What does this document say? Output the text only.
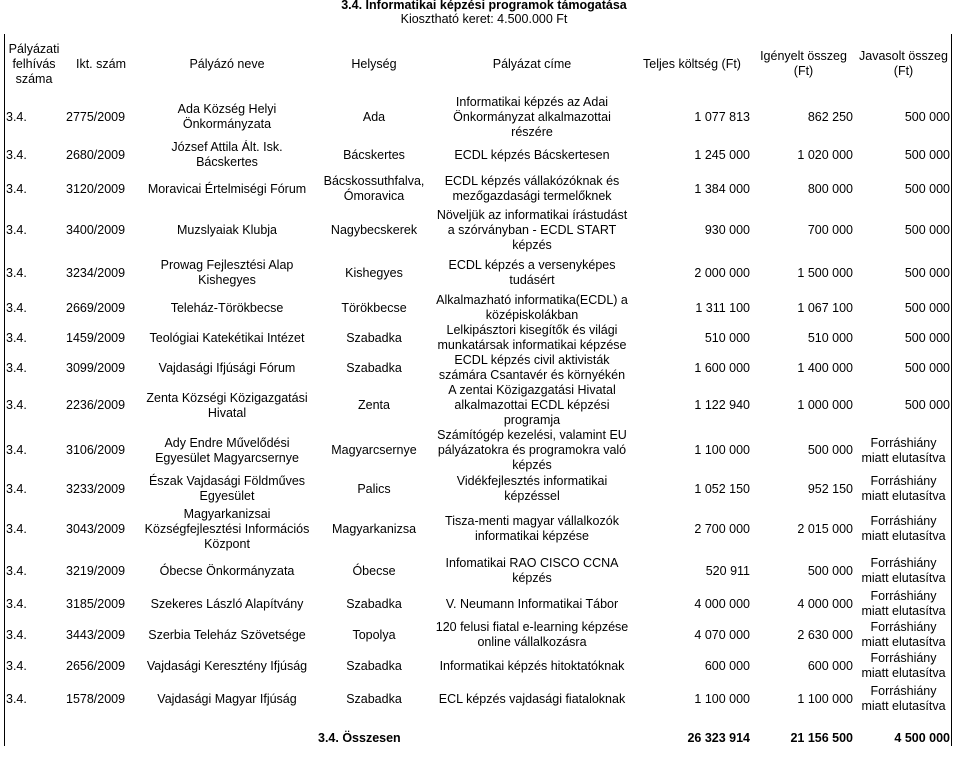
3.4. Informatikai képzési programok támogatása
Kiosztható keret: 4.500.000 Ft
Pályázati felhívás száma	Ikt. szám	Pályázó neve	Helység	Pályázat címe	Teljes költség (Ft)	Igényelt összeg (Ft)	Javasolt összeg (Ft)
3.4.	2775/2009	Ada Község Helyi Önkormányzata	Ada	Informatikai képzés az Adai Önkormányzat alkalmazottai részére	1 077 813	862 250	500 000
3.4.	2680/2009	József Attila Ált. Isk. Bácskertes	Bácskertes	ECDL képzés Bácskertesen	1 245 000	1 020 000	500 000
3.4.	3120/2009	Moravicai Értelmiségi Fórum	Bácskossuthfalva, Ómoravica	ECDL képzés vállakózóknak és mezőgazdasági termelőknek	1 384 000	800 000	500 000
3.4.	3400/2009	Muzslyaiak Klubja	Nagybecskerek	Növeljük az informatikai írástudást a szórványban - ECDL START képzés	930 000	700 000	500 000
3.4.	3234/2009	Prowag Fejlesztési Alap Kishegyes	Kishegyes	ECDL képzés a versenyképes tudásért	2 000 000	1 500 000	500 000
3.4.	2669/2009	Teleház-Törökbecse	Törökbecse	Alkalmazható informatika(ECDL) a középiskolákban	1 311 100	1 067 100	500 000
3.4.	1459/2009	Teológiai Katekétikai Intézet	Szabadka	Lelkipásztori kisegítők és világi munkatársak informatikai képzése	510 000	510 000	500 000
3.4.	3099/2009	Vajdasági Ifjúsági Fórum	Szabadka	ECDL képzés civil aktivisták számára Csantavér és környékén	1 600 000	1 400 000	500 000
3.4.	2236/2009	Zenta Községi Közigazgatási Hivatal	Zenta	A zentai Közigazgatási Hivatal alkalmazottai ECDL képzési programja	1 122 940	1 000 000	500 000
3.4.	3106/2009	Ady Endre Művelődési Egyesület Magyarcsernye	Magyarcsernye	Számítógép kezelési, valamint EU pályázatokra és programokra való képzés	1 100 000	500 000	Forráshiány miatt elutasítva
3.4.	3233/2009	Észak Vajdasági Földműves Egyesület	Palics	Vidékfejlesztés informatikai képzéssel	1 052 150	952 150	Forráshiány miatt elutasítva
3.4.	3043/2009	Magyarkanizsai Községfejlesztési Információs Központ	Magyarkanizsa	Tisza-menti magyar vállalkozók informatikai képzése	2 700 000	2 015 000	Forráshiány miatt elutasítva
3.4.	3219/2009	Óbecse Önkormányzata	Óbecse	Infomatikai RAO CISCO CCNA képzés	520 911	500 000	Forráshiány miatt elutasítva
3.4.	3185/2009	Szekeres László Alapítvány	Szabadka	V. Neumann Informatikai Tábor	4 000 000	4 000 000	Forráshiány miatt elutasítva
3.4.	3443/2009	Szerbia Teleház Szövetsége	Topolya	120 felusi fiatal e-learning képzése online vállalkozásra	4 070 000	2 630 000	Forráshiány miatt elutasítva
3.4.	2656/2009	Vajdasági Keresztény Ifjúság	Szabadka	Informatikai képzés hitoktatóknak	600 000	600 000	Forráshiány miatt elutasítva
3.4.	1578/2009	Vajdasági Magyar Ifjúság	Szabadka	ECL képzés vajdasági fiataloknak	1 100 000	1 100 000	Forráshiány miatt elutasítva
			3.4. Összesen		26 323 914	21 156 500	4 500 000
